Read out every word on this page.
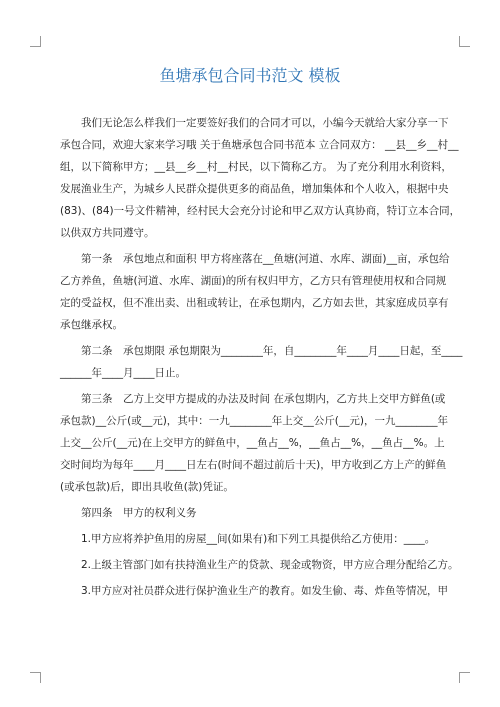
鱼塘承包合同书范文 模板
我们无论怎么样我们一定要签好我们的合同才可以，小编今天就给大家分享一下
承包合同，欢迎大家来学习哦 关于鱼塘承包合同书范本 立合同双方： __县__乡__村__
组，以下简称甲方；__县__乡__村__村民，以下简称乙方。 为了充分利用水利资料，
发展渔业生产，为城乡人民群众提供更多的商品鱼，增加集体和个人收入，根据中央
(83)、(84)一号文件精神，经村民大会充分讨论和甲乙双方认真协商，特订立本合同，
以供双方共同遵守。
第一条　承包地点和面积 甲方将座落在__鱼塘(河道、水库、湖面)__亩，承包给
乙方养鱼，鱼塘(河道、水库、湖面)的所有权归甲方，乙方只有管理使用权和合同规
定的受益权，但不准出卖、出租或转让，在承包期内，乙方如去世，其家庭成员享有
承包继承权。
第二条　承包期限 承包期限为________年，自________年____月____日起，至____
______年____月____日止。
第三条　乙方上交甲方提成的办法及时间 在承包期内，乙方共上交甲方鲜鱼(或
承包款)__公斤(或__元)，其中：一九________年上交__公斤(__元)，一九________年
上交__公斤(__元)在上交甲方的鲜鱼中，__鱼占__%，__鱼占__%，__鱼占__%。上
交时间均为每年____月____日左右(时间不超过前后十天)，甲方收到乙方上产的鲜鱼
(或承包款)后，即出具收鱼(款)凭证。
第四条　甲方的权利义务
1.甲方应将养护鱼用的房屋__间(如果有)和下列工具提供给乙方使用：____。
2.上级主管部门如有扶持渔业生产的贷款、现金或物资，甲方应合理分配给乙方。
3.甲方应对社员群众进行保护渔业生产的教育。如发生偷、毒、炸鱼等情况，甲
